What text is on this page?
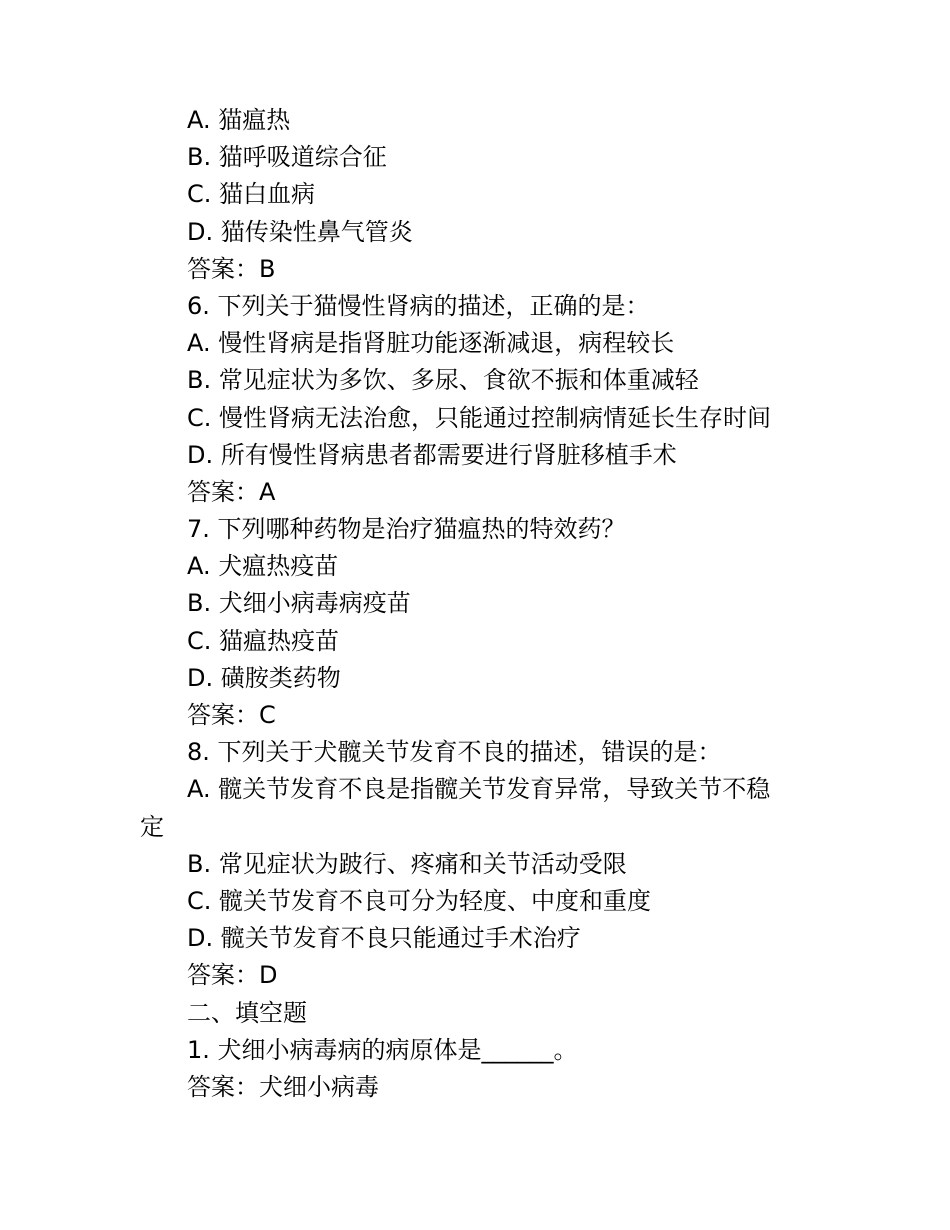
A. 猫瘟热
B. 猫呼吸道综合征
C. 猫白血病
D. 猫传染性鼻气管炎
答案：B
6. 下列关于猫慢性肾病的描述，正确的是：
A. 慢性肾病是指肾脏功能逐渐减退，病程较长
B. 常见症状为多饮、多尿、食欲不振和体重减轻
C. 慢性肾病无法治愈，只能通过控制病情延长生存时间
D. 所有慢性肾病患者都需要进行肾脏移植手术
答案：A
7. 下列哪种药物是治疗猫瘟热的特效药？
A. 犬瘟热疫苗
B. 犬细小病毒病疫苗
C. 猫瘟热疫苗
D. 磺胺类药物
答案：C
8. 下列关于犬髋关节发育不良的描述，错误的是：
A. 髋关节发育不良是指髋关节发育异常，导致关节不稳定
B. 常见症状为跛行、疼痛和关节活动受限
C. 髋关节发育不良可分为轻度、中度和重度
D. 髋关节发育不良只能通过手术治疗
答案：D
二、填空题
1. 犬细小病毒病的病原体是______。
答案：犬细小病毒
